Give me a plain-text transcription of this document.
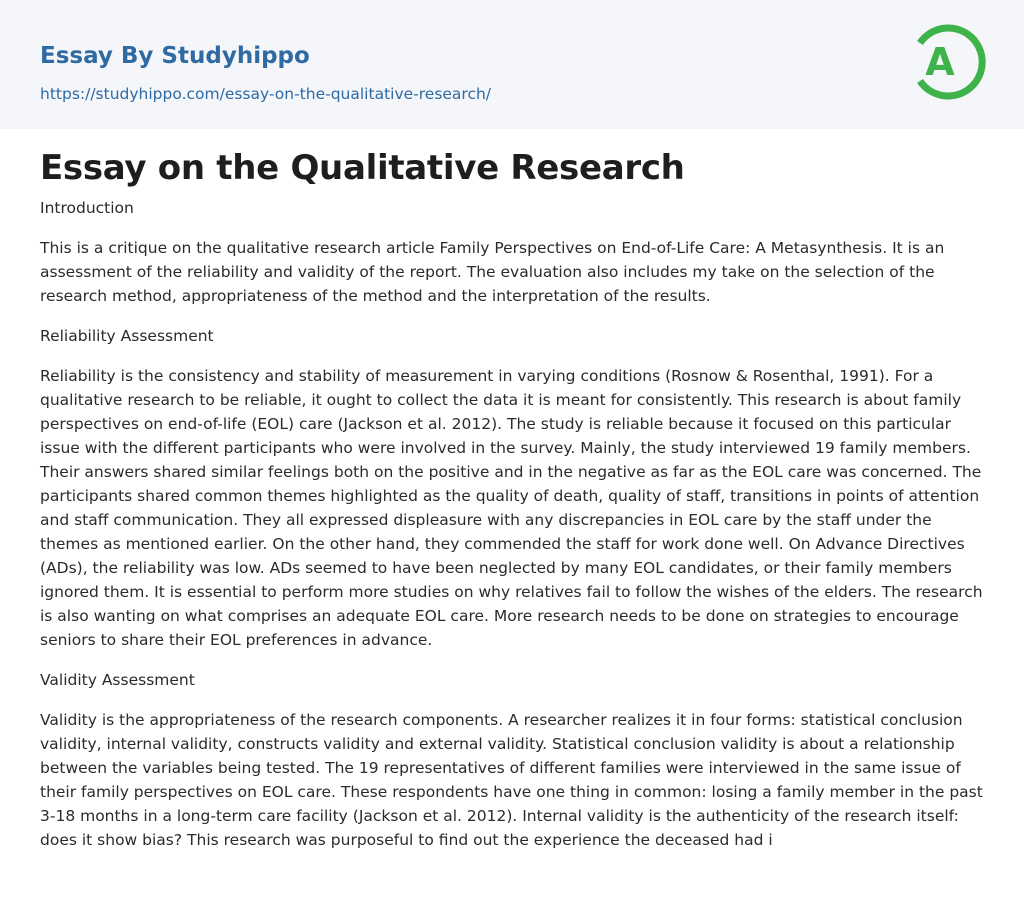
Essay By Studyhippo
https://studyhippo.com/essay-on-the-qualitative-research/
A
Essay on the Qualitative Research

Introduction

This is a critique on the qualitative research article Family Perspectives on End-of-Life Care: A Metasynthesis. It is an assessment of the reliability and validity of the report. The evaluation also includes my take on the selection of the research method, appropriateness of the method and the interpretation of the results.

Reliability Assessment

Reliability is the consistency and stability of measurement in varying conditions (Rosnow & Rosenthal, 1991). For a qualitative research to be reliable, it ought to collect the data it is meant for consistently. This research is about family perspectives on end-of-life (EOL) care (Jackson et al. 2012). The study is reliable because it focused on this particular issue with the different participants who were involved in the survey. Mainly, the study interviewed 19 family members. Their answers shared similar feelings both on the positive and in the negative as far as the EOL care was concerned. The participants shared common themes highlighted as the quality of death, quality of staff, transitions in points of attention and staff communication. They all expressed displeasure with any discrepancies in EOL care by the staff under the themes as mentioned earlier. On the other hand, they commended the staff for work done well. On Advance Directives (ADs), the reliability was low. ADs seemed to have been neglected by many EOL candidates, or their family members ignored them. It is essential to perform more studies on why relatives fail to follow the wishes of the elders. The research is also wanting on what comprises an adequate EOL care. More research needs to be done on strategies to encourage seniors to share their EOL preferences in advance.

Validity Assessment

Validity is the appropriateness of the research components. A researcher realizes it in four forms: statistical conclusion validity, internal validity, constructs validity and external validity. Statistical conclusion validity is about a relationship between the variables being tested. The 19 representatives of different families were interviewed in the same issue of their family perspectives on EOL care. These respondents have one thing in common: losing a family member in the past 3-18 months in a long-term care facility (Jackson et al. 2012). Internal validity is the authenticity of the research itself: does it show bias? This research was purposeful to find out the experience the deceased had i
